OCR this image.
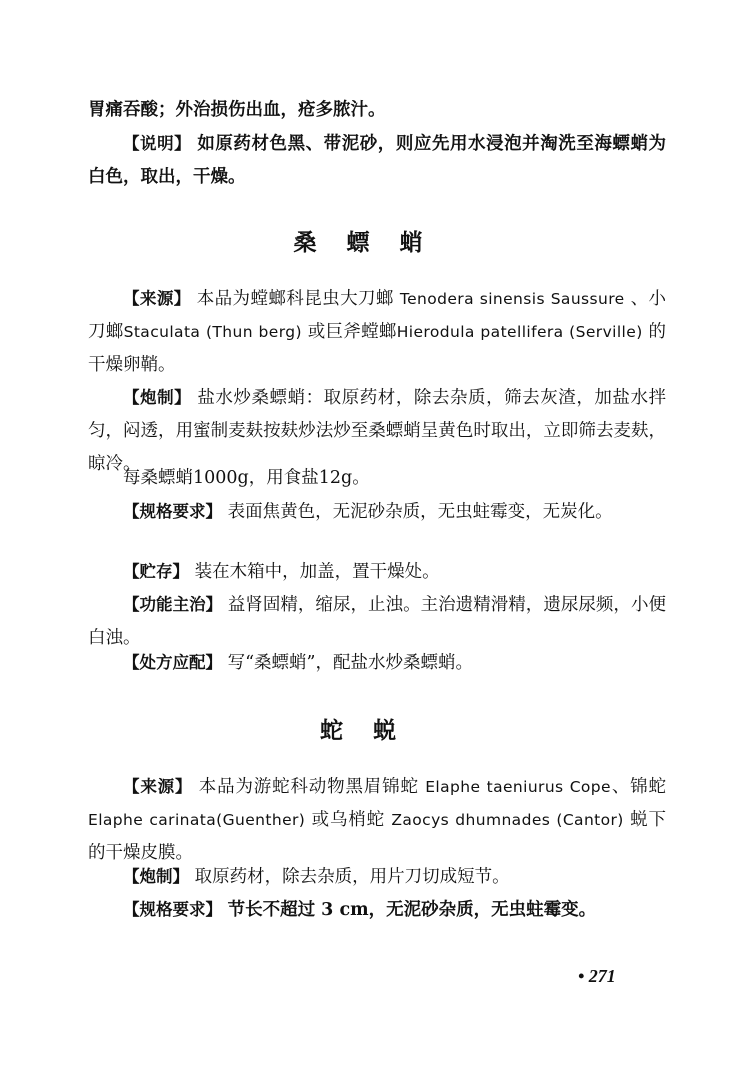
胃痛吞酸；外治损伤出血，疮多脓汁。

【说明】 如原药材色黑、带泥砂，则应先用水浸泡并淘洗至海螵蛸为白色，取出，干燥。

桑螵蛸

【来源】 本品为螳螂科昆虫大刀螂 Tenodera sinensis Saussure 、小刀螂Staculata (Thun berg) 或巨斧螳螂Hierodula patellifera (Serville) 的干燥卵鞘。

【炮制】 盐水炒桑螵蛸：取原药材，除去杂质，筛去灰渣，加盐水拌匀，闷透，用蜜制麦麸按麸炒法炒至桑螵蛸呈黄色时取出，立即筛去麦麸，晾冷。

每桑螵蛸1000g，用食盐12g。

【规格要求】 表面焦黄色，无泥砂杂质，无虫蛀霉变，无炭化。

【贮存】 装在木箱中，加盖，置干燥处。

【功能主治】 益肾固精，缩尿，止浊。主治遗精滑精，遗尿尿频，小便白浊。

【处方应配】 写“桑螵蛸”，配盐水炒桑螵蛸。

蛇蜕

【来源】 本品为游蛇科动物黑眉锦蛇 Elaphe taeniurus Cope、锦蛇 Elaphe carinata(Guenther) 或乌梢蛇 Zaocys dhumnades (Cantor) 蜕下的干燥皮膜。

【炮制】 取原药材，除去杂质，用片刀切成短节。

【规格要求】 节长不超过 3 cm，无泥砂杂质，无虫蛀霉变。

• 271
